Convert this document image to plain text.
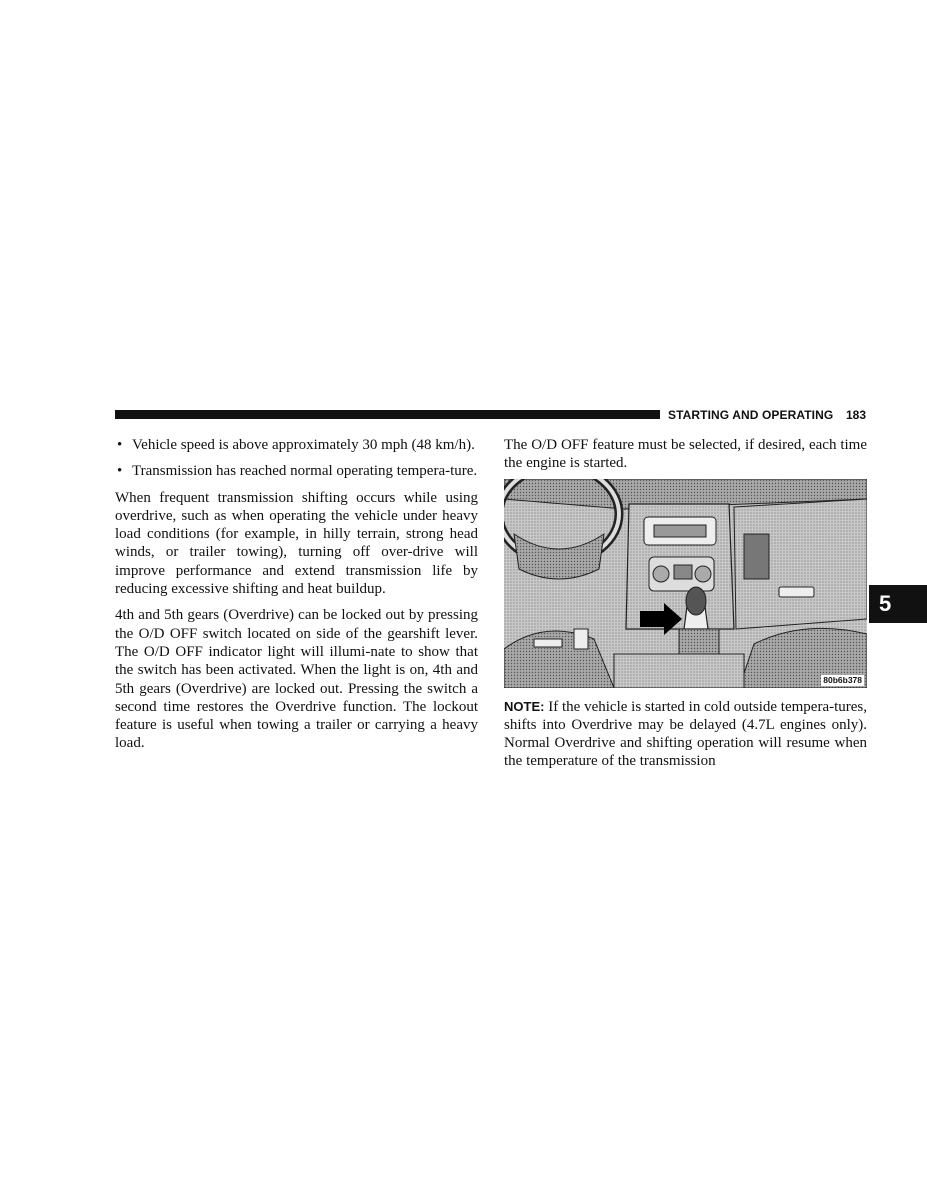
STARTING AND OPERATING 183
5
• Vehicle speed is above approximately 30 mph (48 km/h).
• Transmission has reached normal operating tempera-ture.

When frequent transmission shifting occurs while using overdrive, such as when operating the vehicle under heavy load conditions (for example, in hilly terrain, strong head winds, or trailer towing), turning off over-drive will improve performance and extend transmission life by reducing excessive shifting and heat buildup.

4th and 5th gears (Overdrive) can be locked out by pressing the O/D OFF switch located on side of the gearshift lever. The O/D OFF indicator light will illumi-nate to show that the switch has been activated. When the light is on, 4th and 5th gears (Overdrive) are locked out. Pressing the switch a second time restores the Overdrive function. The lockout feature is useful when towing a trailer or carrying a heavy load.

The O/D OFF feature must be selected, if desired, each time the engine is started.

80b6b378

NOTE: If the vehicle is started in cold outside tempera-tures, shifts into Overdrive may be delayed (4.7L engines only). Normal Overdrive and shifting operation will resume when the temperature of the transmission
